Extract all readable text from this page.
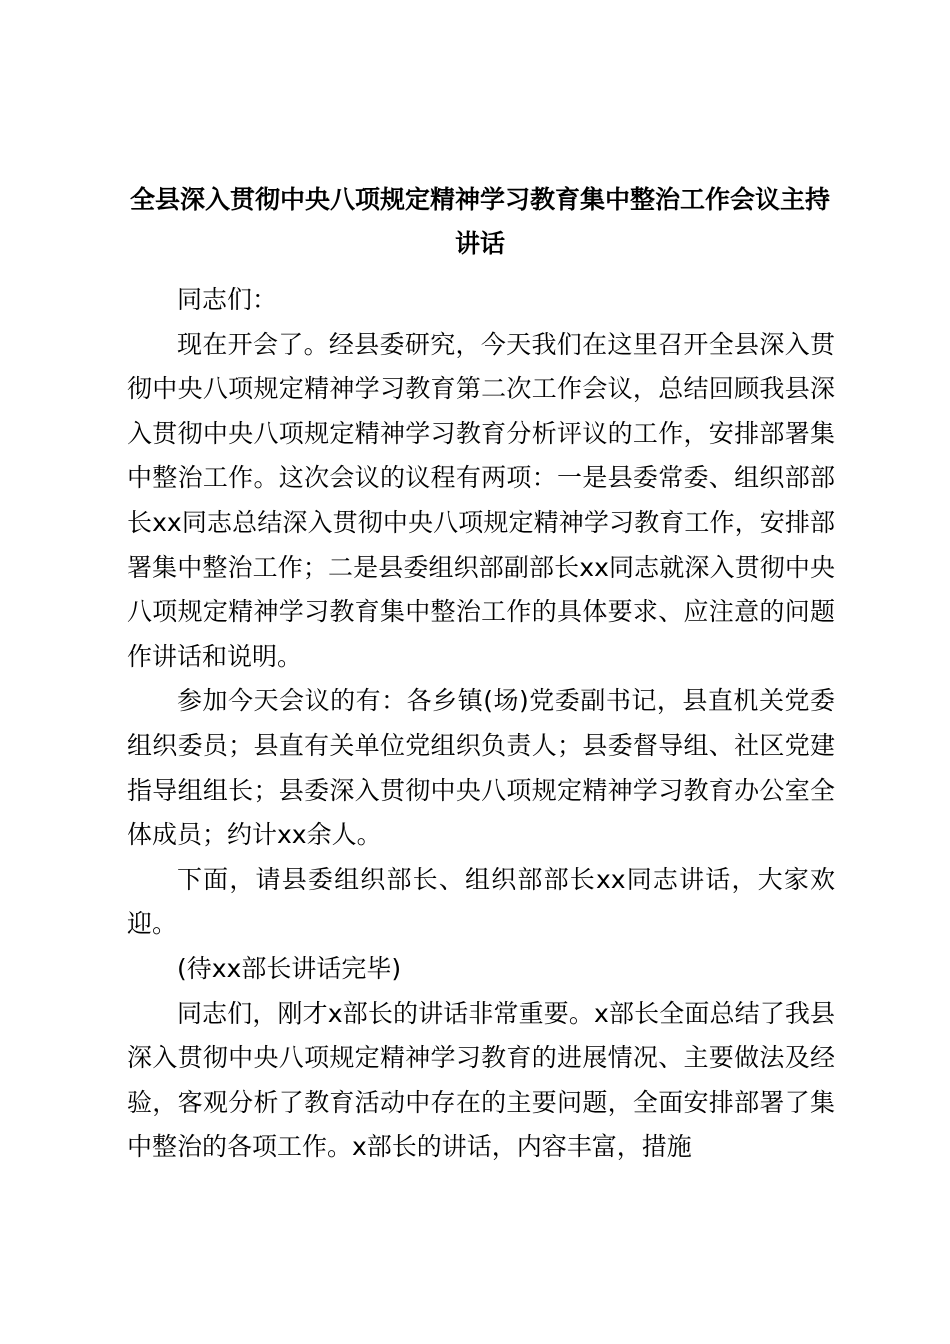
全县深入贯彻中央八项规定精神学习教育集中整治工作会议主持讲话

同志们：

现在开会了。经县委研究，今天我们在这里召开全县深入贯彻中央八项规定精神学习教育第二次工作会议，总结回顾我县深入贯彻中央八项规定精神学习教育分析评议的工作，安排部署集中整治工作。这次会议的议程有两项：一是县委常委、组织部部长xx同志总结深入贯彻中央八项规定精神学习教育工作，安排部署集中整治工作；二是县委组织部副部长xx同志就深入贯彻中央八项规定精神学习教育集中整治工作的具体要求、应注意的问题作讲话和说明。

参加今天会议的有：各乡镇(场)党委副书记，县直机关党委组织委员；县直有关单位党组织负责人；县委督导组、社区党建指导组组长；县委深入贯彻中央八项规定精神学习教育办公室全体成员；约计xx余人。

下面，请县委组织部长、组织部部长xx同志讲话，大家欢迎。

(待xx部长讲话完毕)

同志们，刚才x部长的讲话非常重要。x部长全面总结了我县深入贯彻中央八项规定精神学习教育的进展情况、主要做法及经验，客观分析了教育活动中存在的主要问题，全面安排部署了集中整治的各项工作。x部长的讲话，内容丰富，措施
